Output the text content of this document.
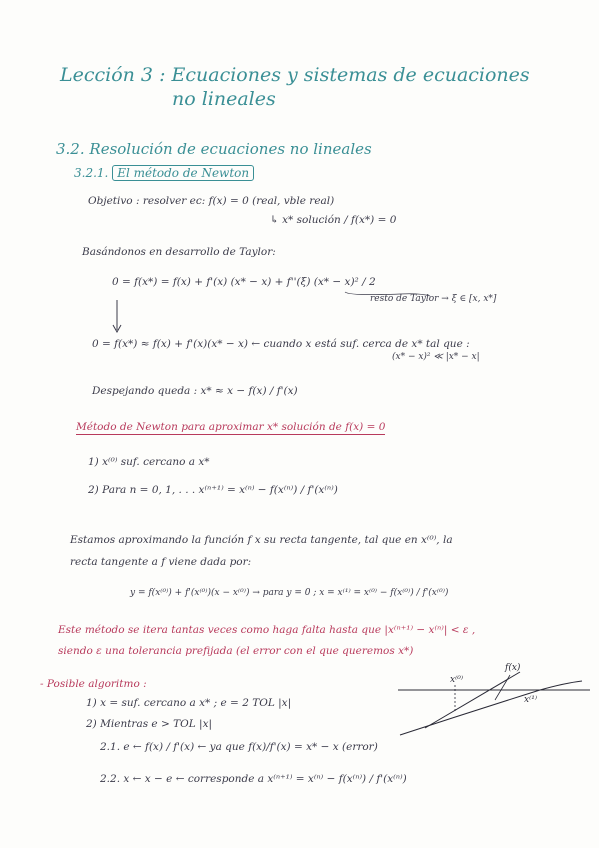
Lección 3 : Ecuaciones y sistemas de ecuaciones
no lineales
3.2. Resolución de ecuaciones no lineales
3.2.1. El método de Newton
Objetivo : resolver ec: f(x) = 0 (real, vble real)
↳ x* solución / f(x*) = 0
Basándonos en desarrollo de Taylor:
0 = f(x*) = f(x) + f'(x) (x* − x) + f''(ξ) (x* − x)² / 2
resto de Taylor → ξ ∈ [x, x*]
0 = f(x*) ≈ f(x) + f'(x)(x* − x) ← cuando x está suf. cerca de x* tal que :
(x* − x)² ≪ |x* − x|
Despejando queda : x* ≈ x − f(x) / f'(x)
Método de Newton para aproximar x* solución de f(x) = 0
1) x⁽⁰⁾ suf. cercano a x*
2) Para n = 0, 1, . . . x⁽ⁿ⁺¹⁾ = x⁽ⁿ⁾ − f(x⁽ⁿ⁾) / f'(x⁽ⁿ⁾)
Estamos aproximando la función f x su recta tangente, tal que en x⁽⁰⁾, la
recta tangente a f viene dada por:
y = f(x⁽⁰⁾) + f'(x⁽⁰⁾)(x − x⁽⁰⁾) → para y = 0 ; x = x⁽¹⁾ = x⁽⁰⁾ − f(x⁽⁰⁾) / f'(x⁽⁰⁾)
Este método se itera tantas veces como haga falta hasta que |x⁽ⁿ⁺¹⁾ − x⁽ⁿ⁾| < ε ,
siendo ε una tolerancia prefijada (el error con el que queremos x*)
- Posible algoritmo :
1) x = suf. cercano a x* ; e = 2 TOL |x|
2) Mientras e > TOL |x|
2.1. e ← f(x) / f'(x) ← ya que f(x)/f'(x) = x* − x (error)
2.2. x ← x − e ← corresponde a x⁽ⁿ⁺¹⁾ = x⁽ⁿ⁾ − f(x⁽ⁿ⁾) / f'(x⁽ⁿ⁾)
x⁽⁰⁾
f(x)
x⁽¹⁾
